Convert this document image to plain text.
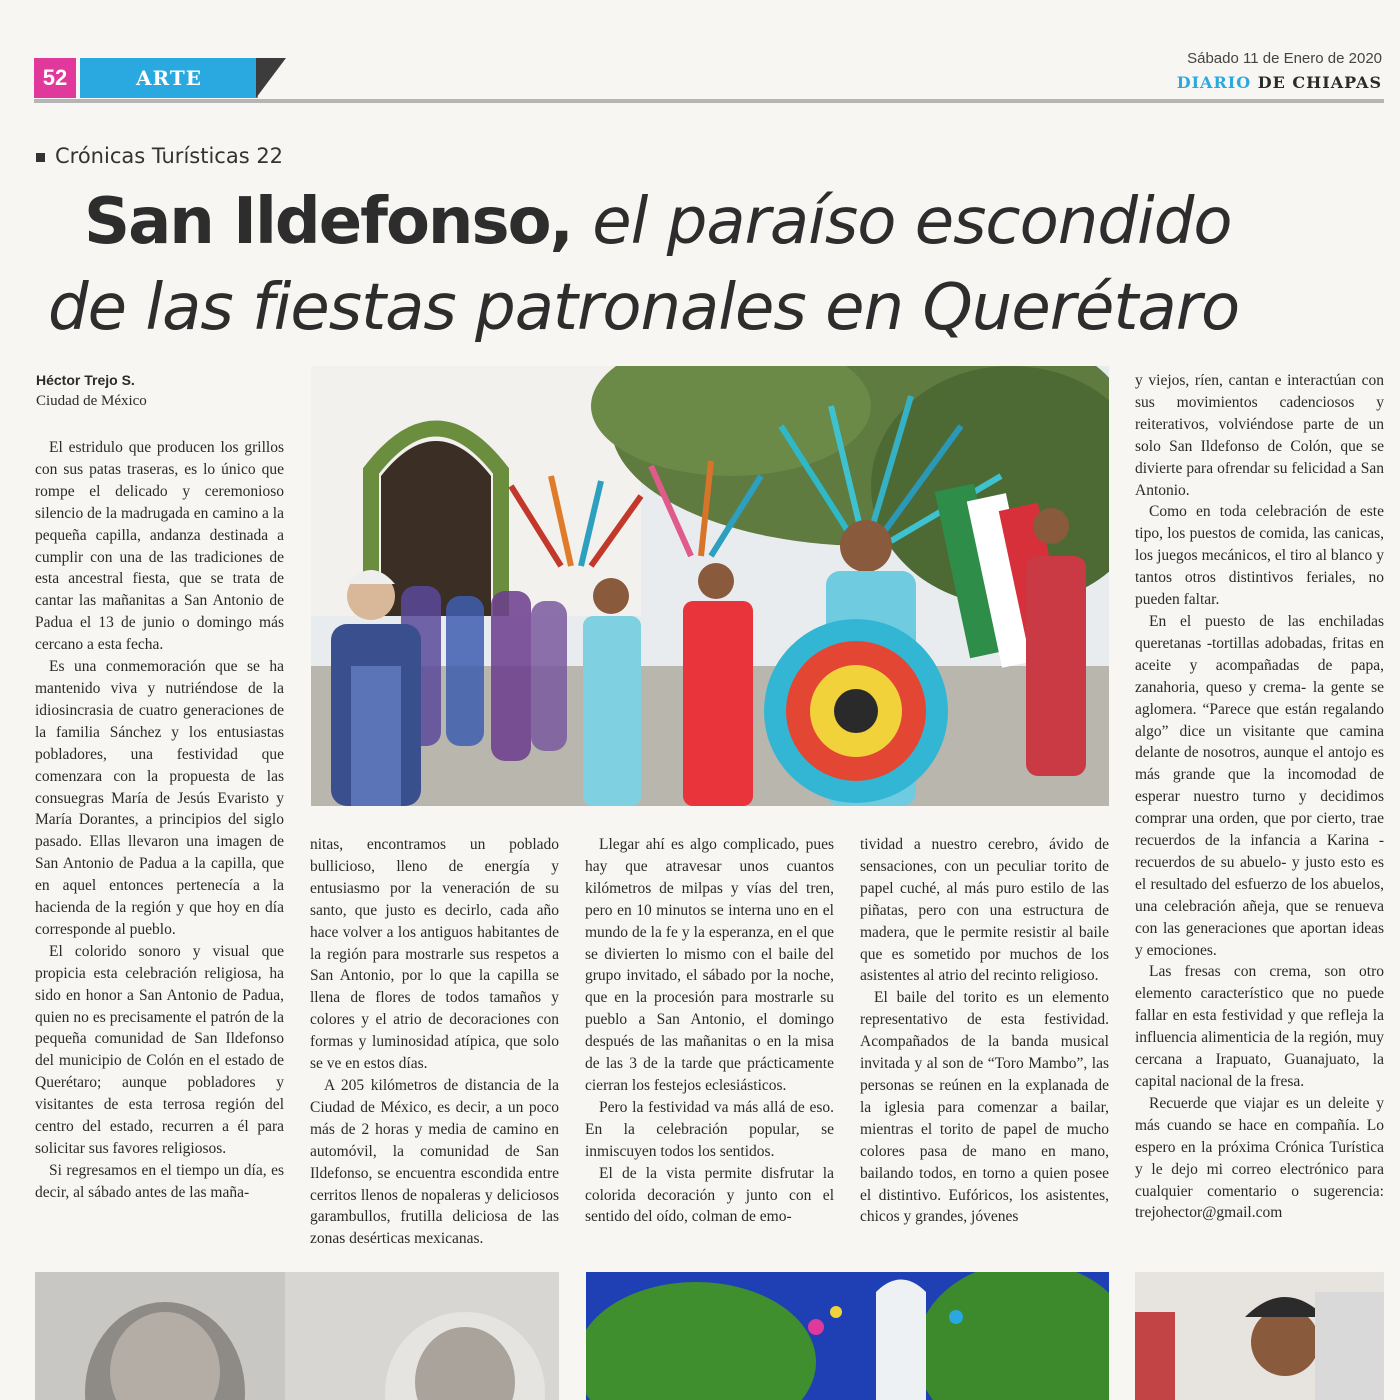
52	ARTE
Sábado 11 de Enero de 2020
DIARIO DE CHIAPAS
Crónicas Turísticas 22
San Ildefonso, el paraíso escondido
de las fiestas patronales en Querétaro
Héctor Trejo S.
Ciudad de México

El estridulo que producen los grillos con sus patas traseras, es lo único que rompe el delicado y ceremonioso silencio de la madrugada en camino a la pequeña capilla, andanza destinada a cumplir con una de las tradiciones de esta ancestral fiesta, que se trata de cantar las mañanitas a San Antonio de Padua el 13 de junio o domingo más cercano a esta fecha.

Es una conmemoración que se ha mantenido viva y nutriéndose de la idiosincrasia de cuatro generaciones de la familia Sánchez y los entusiastas pobladores, una festividad que comenzara con la propuesta de las consuegras María de Jesús Evaristo y María Dorantes, a principios del siglo pasado. Ellas llevaron una imagen de San Antonio de Padua a la capilla, que en aquel entonces pertenecía a la hacienda de la región y que hoy en día corresponde al pueblo.

El colorido sonoro y visual que propicia esta celebración religiosa, ha sido en honor a San Antonio de Padua, quien no es precisamente el patrón de la pequeña comunidad de San Ildefonso del municipio de Colón en el estado de Querétaro; aunque pobladores y visitantes de esta terrosa región del centro del estado, recurren a él para solicitar sus favores religiosos.

Si regresamos en el tiempo un día, es decir, al sábado antes de las maña-

nitas, encontramos un poblado bullicioso, lleno de energía y entusiasmo por la veneración de su santo, que justo es decirlo, cada año hace volver a los antiguos habitantes de la región para mostrarle sus respetos a San Antonio, por lo que la capilla se llena de flores de todos tamaños y colores y el atrio de decoraciones con formas y luminosidad atípica, que solo se ve en estos días.

A 205 kilómetros de distancia de la Ciudad de México, es decir, a un poco más de 2 horas y media de camino en automóvil, la comunidad de San Ildefonso, se encuentra escondida entre cerritos llenos de nopaleras y deliciosos garambullos, frutilla deliciosa de las zonas desérticas mexicanas.

Llegar ahí es algo complicado, pues hay que atravesar unos cuantos kilómetros de milpas y vías del tren, pero en 10 minutos se interna uno en el mundo de la fe y la esperanza, en el que se divierten lo mismo con el baile del grupo invitado, el sábado por la noche, que en la procesión para mostrarle su pueblo a San Antonio, el domingo después de las mañanitas o en la misa de las 3 de la tarde que prácticamente cierran los festejos eclesiásticos.

Pero la festividad va más allá de eso. En la celebración popular, se inmiscuyen todos los sentidos.

El de la vista permite disfrutar la colorida decoración y junto con el sentido del oído, colman de emo-

tividad a nuestro cerebro, ávido de sensaciones, con un peculiar torito de papel cuché, al más puro estilo de las piñatas, pero con una estructura de madera, que le permite resistir al baile que es sometido por muchos de los asistentes al atrio del recinto religioso.

El baile del torito es un elemento representativo de esta festividad. Acompañados de la banda musical invitada y al son de “Toro Mambo”, las personas se reúnen en la explanada de la iglesia para comenzar a bailar, mientras el torito de papel de mucho colores pasa de mano en mano, bailando todos, en torno a quien posee el distintivo. Eufóricos, los asistentes, chicos y grandes, jóvenes

y viejos, ríen, cantan e interactúan con sus movimientos cadenciosos y reiterativos, volviéndose parte de un solo San Ildefonso de Colón, que se divierte para ofrendar su felicidad a San Antonio.

Como en toda celebración de este tipo, los puestos de comida, las canicas, los juegos mecánicos, el tiro al blanco y tantos otros distintivos feriales, no pueden faltar.

En el puesto de las enchiladas queretanas -tortillas adobadas, fritas en aceite y acompañadas de papa, zanahoria, queso y crema- la gente se aglomera. “Parece que están regalando algo” dice un visitante que camina delante de nosotros, aunque el antojo es más grande que la incomodad de esperar nuestro turno y decidimos comprar una orden, que por cierto, trae recuerdos de la infancia a Karina -recuerdos de su abuelo- y justo esto es el resultado del esfuerzo de los abuelos, una celebración añeja, que se renueva con las generaciones que aportan ideas y emociones.

Las fresas con crema, son otro elemento característico que no puede fallar en esta festividad y que refleja la influencia alimenticia de la región, muy cercana a Irapuato, Guanajuato, la capital nacional de la fresa.

Recuerde que viajar es un deleite y más cuando se hace en compañía. Lo espero en la próxima Crónica Turística y le dejo mi correo electrónico para cualquier comentario o sugerencia: trejohector@gmail.com
